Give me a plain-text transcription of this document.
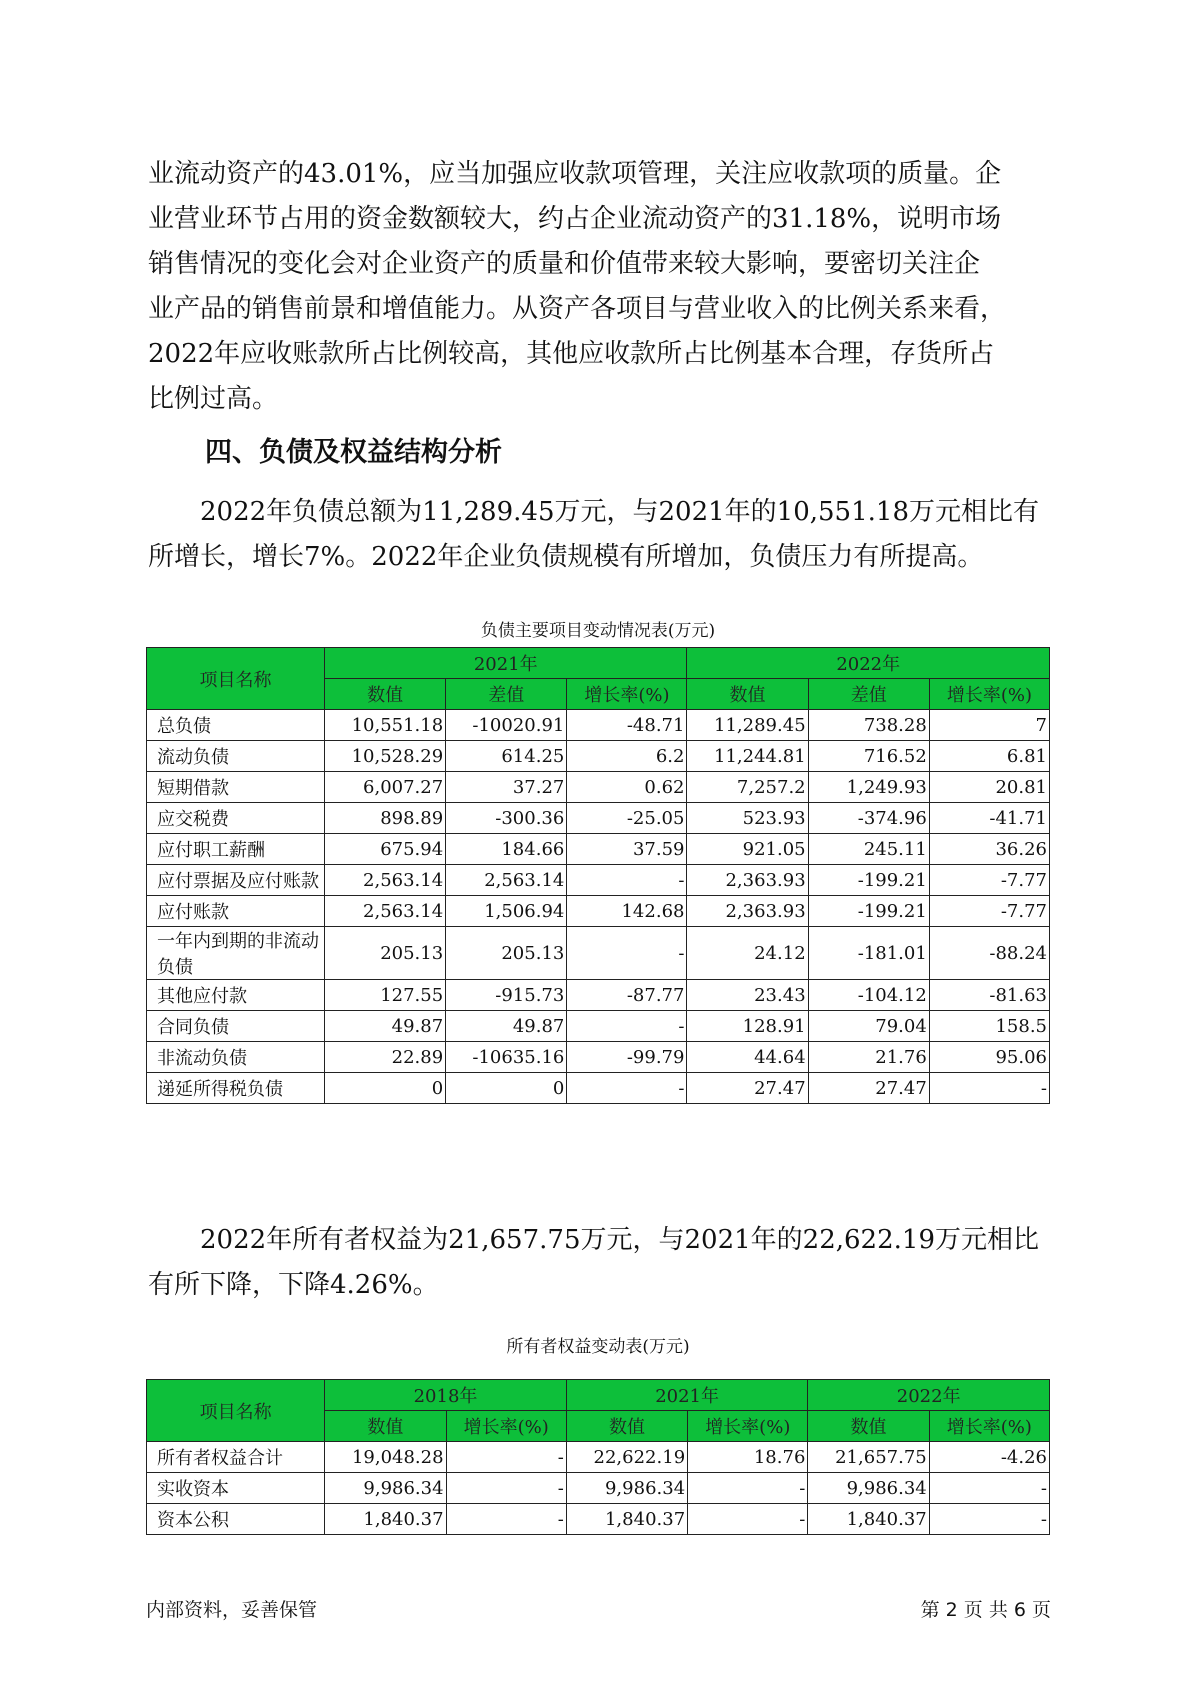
业流动资产的43.01%，应当加强应收款项管理，关注应收款项的质量。企

业营业环节占用的资金数额较大，约占企业流动资产的31.18%，说明市场

销售情况的变化会对企业资产的质量和价值带来较大影响，要密切关注企

业产品的销售前景和增值能力。从资产各项目与营业收入的比例关系来看，

2022年应收账款所占比例较高，其他应收款所占比例基本合理，存货所占

比例过高。

四、负债及权益结构分析

2022年负债总额为11,289.45万元，与2021年的10,551.18万元相比有

所增长，增长7%。2022年企业负债规模有所增加，负债压力有所提高。

负债主要项目变动情况表(万元)
项目名称	2021年			2022年		
	数值	差值	增长率(%)	数值	差值	增长率(%)
总负债	10,551.18	-10020.91	-48.71	11,289.45	738.28	7
流动负债	10,528.29	614.25	6.2	11,244.81	716.52	6.81
短期借款	6,007.27	37.27	0.62	7,257.2	1,249.93	20.81
应交税费	898.89	-300.36	-25.05	523.93	-374.96	-41.71
应付职工薪酬	675.94	184.66	37.59	921.05	245.11	36.26
应付票据及应付账款	2,563.14	2,563.14	-	2,363.93	-199.21	-7.77
应付账款	2,563.14	1,506.94	142.68	2,363.93	-199.21	-7.77
一年内到期的非流动负债	205.13	205.13	-	24.12	-181.01	-88.24
其他应付款	127.55	-915.73	-87.77	23.43	-104.12	-81.63
合同负债	49.87	49.87	-	128.91	79.04	158.5
非流动负债	22.89	-10635.16	-99.79	44.64	21.76	95.06
递延所得税负债	0	0	-	27.47	27.47	-

2022年所有者权益为21,657.75万元，与2021年的22,622.19万元相比

有所下降，下降4.26%。

所有者权益变动表(万元)
项目名称	2018年		2021年		2022年	
	数值	增长率(%)	数值	增长率(%)	数值	增长率(%)
所有者权益合计	19,048.28	-	22,622.19	18.76	21,657.75	-4.26
实收资本	9,986.34	-	9,986.34	-	9,986.34	-
资本公积	1,840.37	-	1,840.37	-	1,840.37	-
内部资料，妥善保管	第 2 页 共 6 页
